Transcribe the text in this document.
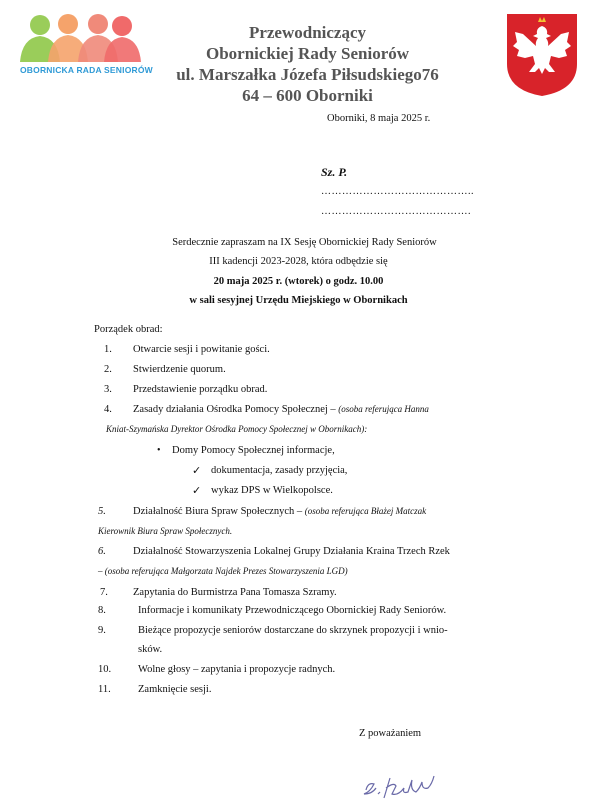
OBORNICKA RADA SENIORÓW
Przewodniczący
Obornickiej Rady Seniorów
ul. Marszałka Józefa Piłsudskiego76
64 – 600 Oborniki
Oborniki, 8 maja 2025 r.
Sz. P.
……………………………………..
…………………………………….
Serdecznie zapraszam na IX Sesję Obornickiej Rady Seniorów
III kadencji 2023-2028, która odbędzie się
20 maja 2025 r. (wtorek) o godz. 10.00
w sali sesyjnej Urzędu Miejskiego w Obornikach
Porządek obrad:
1. Otwarcie sesji i powitanie gości.
2. Stwierdzenie quorum.
3. Przedstawienie porządku obrad.
4. Zasady działania Ośrodka Pomocy Społecznej – (osoba referująca Hanna
Kniat-Szymańska Dyrektor Ośrodka Pomocy Społecznej w Obornikach):
• Domy Pomocy Społecznej informacje,
✓ dokumentacja, zasady przyjęcia,
✓ wykaz DPS w Wielkopolsce.
5.	Działalność Biura Spraw Społecznych – (osoba referująca Błażej Matczak
Kierownik Biura Spraw Społecznych.
6.	Działalność Stowarzyszenia Lokalnej Grupy Działania Kraina Trzech Rzek
– (osoba referująca Małgorzata Najdek Prezes Stowarzyszenia LGD)
7. Zapytania do Burmistrza Pana Tomasza Szramy.
8.	Informacje i komunikaty Przewodniczącego Obornickiej Rady Seniorów.
9.	Bieżące propozycje seniorów dostarczane do skrzynek propozycji i wnio-
sków.
10.	Wolne głosy – zapytania i propozycje radnych.
11.	Zamknięcie sesji.
Z poważaniem
